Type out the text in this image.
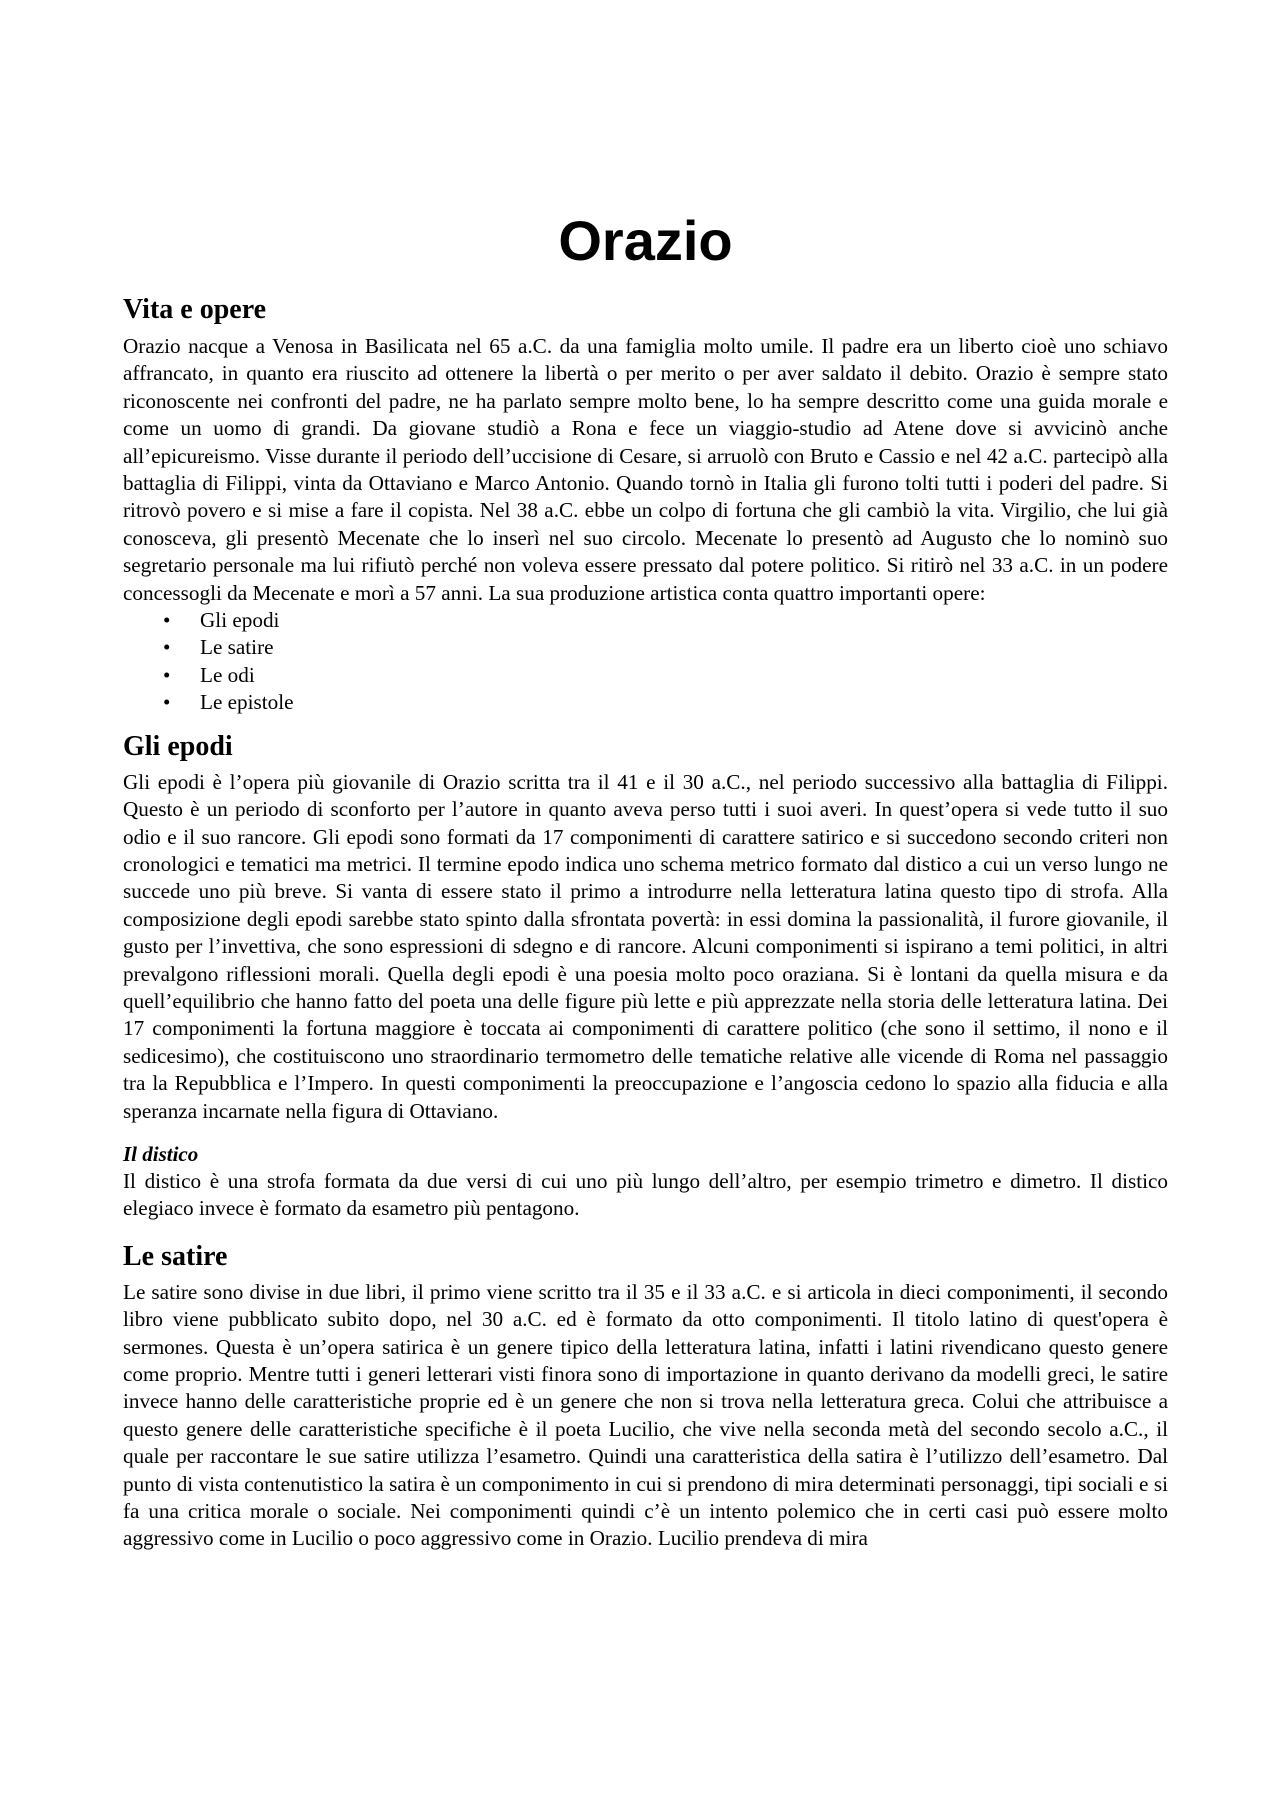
Orazio
Vita e opere

Orazio nacque a Venosa in Basilicata nel 65 a.C. da una famiglia molto umile. Il padre era un liberto cioè uno schiavo affrancato, in quanto era riuscito ad ottenere la libertà o per merito o per aver saldato il debito. Orazio è sempre stato riconoscente nei confronti del padre, ne ha parlato sempre molto bene, lo ha sempre descritto come una guida morale e come un uomo di grandi. Da giovane studiò a Rona e fece un viaggio-studio ad Atene dove si avvicinò anche all’epicureismo. Visse durante il periodo dell’uccisione di Cesare, si arruolò con Bruto e Cassio e nel 42 a.C. partecipò alla battaglia di Filippi, vinta da Ottaviano e Marco Antonio. Quando tornò in Italia gli furono tolti tutti i poderi del padre. Si ritrovò povero e si mise a fare il copista. Nel 38 a.C. ebbe un colpo di fortuna che gli cambiò la vita. Virgilio, che lui già conosceva, gli presentò Mecenate che lo inserì nel suo circolo. Mecenate lo presentò ad Augusto che lo nominò suo segretario personale ma lui rifiutò perché non voleva essere pressato dal potere politico. Si ritirò nel 33 a.C. in un podere concessogli da Mecenate e morì a 57 anni. La sua produzione artistica conta quattro importanti opere:

• Gli epodi
• Le satire
• Le odi
• Le epistole
Gli epodi

Gli epodi è l’opera più giovanile di Orazio scritta tra il 41 e il 30 a.C., nel periodo successivo alla battaglia di Filippi. Questo è un periodo di sconforto per l’autore in quanto aveva perso tutti i suoi averi. In quest’opera si vede tutto il suo odio e il suo rancore. Gli epodi sono formati da 17 componimenti di carattere satirico e si succedono secondo criteri non cronologici e tematici ma metrici. Il termine epodo indica uno schema metrico formato dal distico a cui un verso lungo ne succede uno più breve. Si vanta di essere stato il primo a introdurre nella letteratura latina questo tipo di strofa. Alla composizione degli epodi sarebbe stato spinto dalla sfrontata povertà: in essi domina la passionalità, il furore giovanile, il gusto per l’invettiva, che sono espressioni di sdegno e di rancore. Alcuni componimenti si ispirano a temi politici, in altri prevalgono riflessioni morali. Quella degli epodi è una poesia molto poco oraziana. Si è lontani da quella misura e da quell’equilibrio che hanno fatto del poeta una delle figure più lette e più apprezzate nella storia delle letteratura latina. Dei 17 componimenti la fortuna maggiore è toccata ai componimenti di carattere politico (che sono il settimo, il nono e il sedicesimo), che costituiscono uno straordinario termometro delle tematiche relative alle vicende di Roma nel passaggio tra la Repubblica e l’Impero. In questi componimenti la preoccupazione e l’angoscia cedono lo spazio alla fiducia e alla speranza incarnate nella figura di Ottaviano.

Il distico

Il distico è una strofa formata da due versi di cui uno più lungo dell’altro, per esempio trimetro e dimetro. Il distico elegiaco invece è formato da esametro più pentagono.

Le satire

Le satire sono divise in due libri, il primo viene scritto tra il 35 e il 33 a.C. e si articola in dieci componimenti, il secondo libro viene pubblicato subito dopo, nel 30 a.C. ed è formato da otto componimenti. Il titolo latino di quest'opera è sermones. Questa è un’opera satirica è un genere tipico della letteratura latina, infatti i latini rivendicano questo genere come proprio. Mentre tutti i generi letterari visti finora sono di importazione in quanto derivano da modelli greci, le satire invece hanno delle caratteristiche proprie ed è un genere che non si trova nella letteratura greca. Colui che attribuisce a questo genere delle caratteristiche specifiche è il poeta Lucilio, che vive nella seconda metà del secondo secolo a.C., il quale per raccontare le sue satire utilizza l’esametro. Quindi una caratteristica della satira è l’utilizzo dell’esametro. Dal punto di vista contenutistico la satira è un componimento in cui si prendono di mira determinati personaggi, tipi sociali e si fa una critica morale o sociale. Nei componimenti quindi c’è un intento polemico che in certi casi può essere molto aggressivo come in Lucilio o poco aggressivo come in Orazio. Lucilio prendeva di mira
